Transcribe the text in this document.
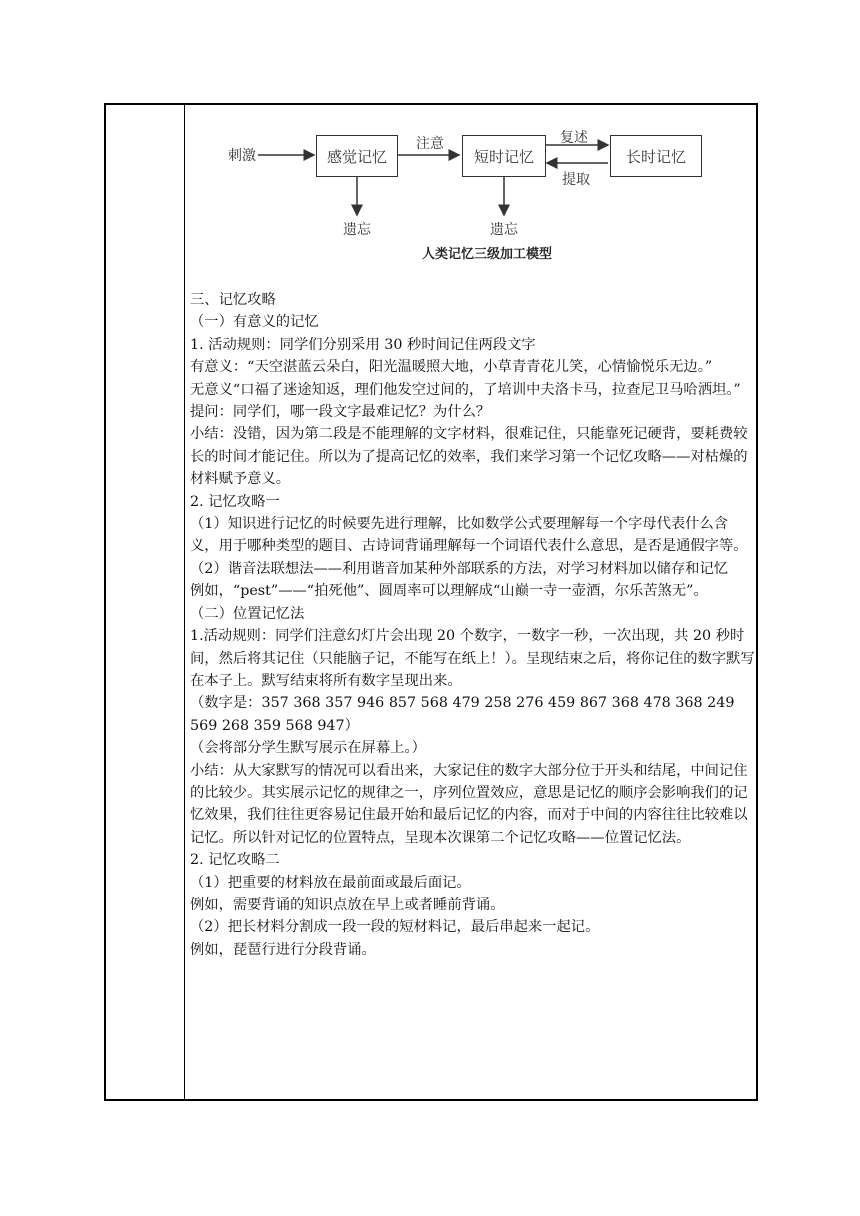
刺激	感觉记忆
注意
短时记忆
复述
长时记忆
提取
遗忘	遗忘
人类记忆三级加工模型

三、记忆攻略

（一）有意义的记忆

1. 活动规则：同学们分别采用 30 秒时间记住两段文字

有意义：“天空湛蓝云朵白，阳光温暖照大地，小草青青花儿笑，心情愉悦乐无边。”

无意义“口福了迷途知返，理们他发空过间的，了培训中夫洛卡马，拉查尼卫马哈洒坦。”

提问：同学们，哪一段文字最难记忆？为什么？

小结：没错，因为第二段是不能理解的文字材料，很难记住，只能靠死记硬背，要耗费较长的时间才能记住。所以为了提高记忆的效率，我们来学习第一个记忆攻略——对枯燥的材料赋予意义。

2. 记忆攻略一

（1）知识进行记忆的时候要先进行理解，比如数学公式要理解每一个字母代表什么含义，用于哪种类型的题目、古诗词背诵理解每一个词语代表什么意思，是否是通假字等。

（2）谐音法联想法——利用谐音加某种外部联系的方法，对学习材料加以储存和记忆

例如，“pest”——“拍死他”、圆周率可以理解成“山巅一寺一壶酒，尔乐苦煞无”。

（二）位置记忆法

1.活动规则：同学们注意幻灯片会出现 20 个数字，一数字一秒，一次出现，共 20 秒时间，然后将其记住（只能脑子记，不能写在纸上！）。呈现结束之后，将你记住的数字默写在本子上。默写结束将所有数字呈现出来。

（数字是：357 368 357 946 857 568 479 258 276 459 867 368 478 368 249 569 268 359 568 947）

（会将部分学生默写展示在屏幕上。）

小结：从大家默写的情况可以看出来，大家记住的数字大部分位于开头和结尾，中间记住的比较少。其实展示记忆的规律之一，序列位置效应，意思是记忆的顺序会影响我们的记忆效果，我们往往更容易记住最开始和最后记忆的内容，而对于中间的内容往往比较难以记忆。所以针对记忆的位置特点，呈现本次课第二个记忆攻略——位置记忆法。

2. 记忆攻略二

（1）把重要的材料放在最前面或最后面记。

例如，需要背诵的知识点放在早上或者睡前背诵。

（2）把长材料分割成一段一段的短材料记，最后串起来一起记。

例如，琵琶行进行分段背诵。
